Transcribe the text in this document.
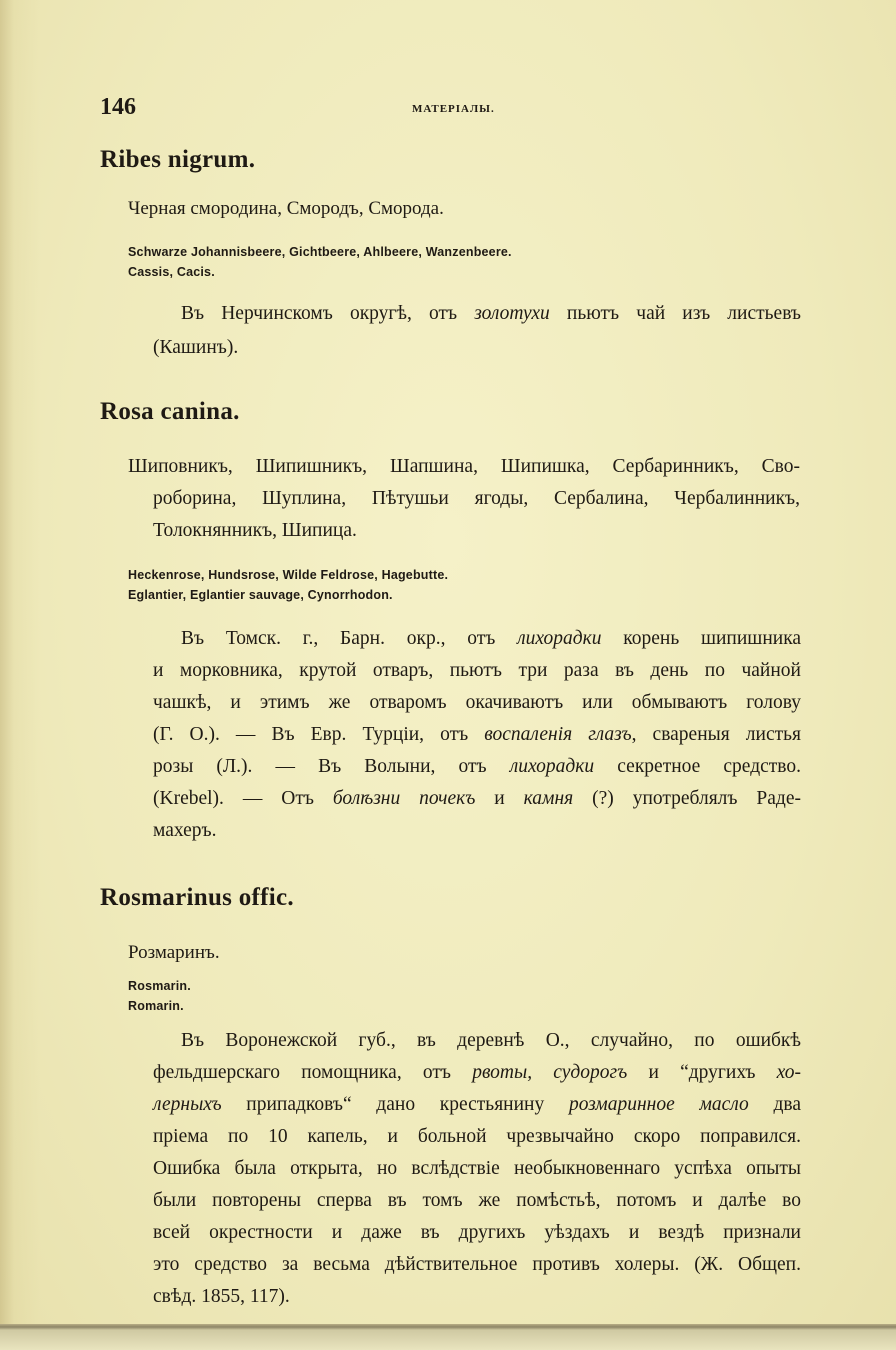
146	МАТЕРІАЛЫ.
Ribes nigrum.
Черная смородина, Смородъ, Сморода.
Schwarze Johannisbeere, Gichtbeere, Ahlbeere, Wanzenbeere.
Cassis, Cacis.
Въ Нерчинскомъ округѣ, отъ золотухи пьютъ чай изъ листьевъ
(Кашинъ).
Rosa canina.
Шиповникъ, Шипишникъ, Шапшина, Шипишка, Сербаринникъ, Сво-
роборина, Шуплина, Пѣтушьи ягоды, Сербалина, Чербалинникъ,
Толокнянникъ, Шипица.
Heckenrose, Hundsrose, Wilde Feldrose, Hagebutte.
Eglantier, Eglantier sauvage, Cynorrhodon.
Въ Томск. г., Барн. окр., отъ лихорадки корень шипишника
и морковника, крутой отваръ, пьютъ три раза въ день по чайной
чашкѣ, и этимъ же отваромъ окачиваютъ или обмываютъ голову
(Г. О.). — Въ Евр. Турціи, отъ воспаленія глазъ, свареныя листья
розы (Л.). — Въ Волыни, отъ лихорадки секретное средство.
(Krebel). — Отъ болѣзни почекъ и камня (?) употреблялъ Раде-
махеръ.
Rosmarinus offic.
Розмаринъ.
Rosmarin.
Romarin.
Въ Воронежской губ., въ деревнѣ О., случайно, по ошибкѣ
фельдшерскаго помощника, отъ рвоты, судорогъ и “другихъ хо-
лерныхъ припадковъ“ дано крестьянину розмаринное масло два
пріема по 10 капель, и больной чрезвычайно скоро поправился.
Ошибка была открыта, но вслѣдствіе необыкновеннаго успѣха опыты
были повторены сперва въ томъ же помѣстьѣ, потомъ и далѣе во
всей окрестности и даже въ другихъ уѣздахъ и вездѣ признали
это средство за весьма дѣйствительное противъ холеры. (Ж. Общеп.
свѣд. 1855, 117).
